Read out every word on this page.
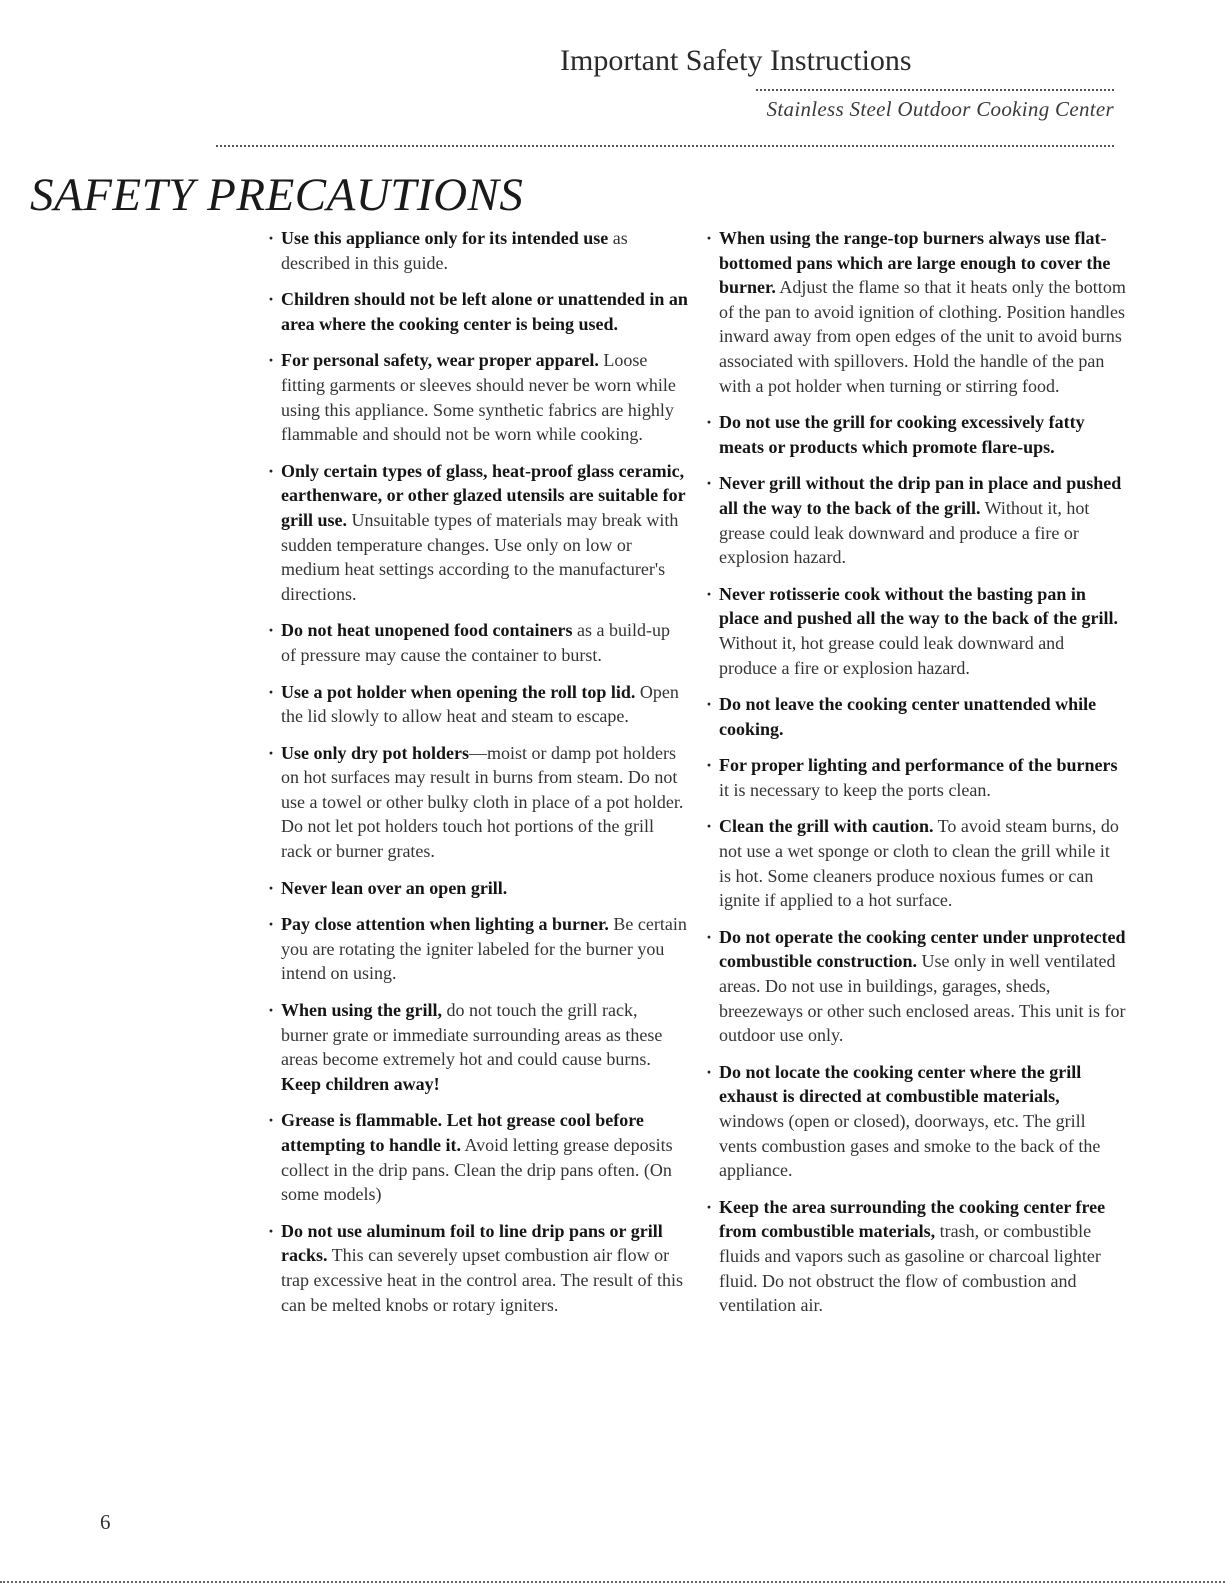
Important Safety Instructions
Stainless Steel Outdoor Cooking Center
SAFETY PRECAUTIONS
· Use this appliance only for its intended use as described in this guide.
· Children should not be left alone or unattended in an area where the cooking center is being used.
· For personal safety, wear proper apparel. Loose fitting garments or sleeves should never be worn while using this appliance. Some synthetic fabrics are highly flammable and should not be worn while cooking.
· Only certain types of glass, heat-proof glass ceramic, earthenware, or other glazed utensils are suitable for grill use. Unsuitable types of materials may break with sudden temperature changes. Use only on low or medium heat settings according to the manufacturer's directions.
· Do not heat unopened food containers as a build-up of pressure may cause the container to burst.
· Use a pot holder when opening the roll top lid. Open the lid slowly to allow heat and steam to escape.
· Use only dry pot holders—moist or damp pot holders on hot surfaces may result in burns from steam. Do not use a towel or other bulky cloth in place of a pot holder. Do not let pot holders touch hot portions of the grill rack or burner grates.
· Never lean over an open grill.
· Pay close attention when lighting a burner. Be certain you are rotating the igniter labeled for the burner you intend on using.
· When using the grill, do not touch the grill rack, burner grate or immediate surrounding areas as these areas become extremely hot and could cause burns. Keep children away!
· Grease is flammable. Let hot grease cool before attempting to handle it. Avoid letting grease deposits collect in the drip pans. Clean the drip pans often. (On some models)
· Do not use aluminum foil to line drip pans or grill racks. This can severely upset combustion air flow or trap excessive heat in the control area. The result of this can be melted knobs or rotary igniters.
· When using the range-top burners always use flat-bottomed pans which are large enough to cover the burner. Adjust the flame so that it heats only the bottom of the pan to avoid ignition of clothing. Position handles inward away from open edges of the unit to avoid burns associated with spillovers. Hold the handle of the pan with a pot holder when turning or stirring food.
· Do not use the grill for cooking excessively fatty meats or products which promote flare-ups.
· Never grill without the drip pan in place and pushed all the way to the back of the grill. Without it, hot grease could leak downward and produce a fire or explosion hazard.
· Never rotisserie cook without the basting pan in place and pushed all the way to the back of the grill. Without it, hot grease could leak downward and produce a fire or explosion hazard.
· Do not leave the cooking center unattended while cooking.
· For proper lighting and performance of the burners it is necessary to keep the ports clean.
· Clean the grill with caution. To avoid steam burns, do not use a wet sponge or cloth to clean the grill while it is hot. Some cleaners produce noxious fumes or can ignite if applied to a hot surface.
· Do not operate the cooking center under unprotected combustible construction. Use only in well ventilated areas. Do not use in buildings, garages, sheds, breezeways or other such enclosed areas. This unit is for outdoor use only.
· Do not locate the cooking center where the grill exhaust is directed at combustible materials, windows (open or closed), doorways, etc. The grill vents combustion gases and smoke to the back of the appliance.
· Keep the area surrounding the cooking center free from combustible materials, trash, or combustible fluids and vapors such as gasoline or charcoal lighter fluid. Do not obstruct the flow of combustion and ventilation air.
6
